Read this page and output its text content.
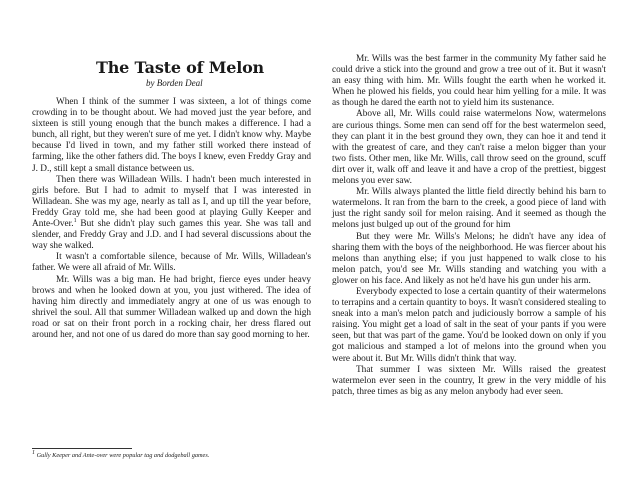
The Taste of Melon

by Borden Deal

When I think of the summer I was sixteen, a lot of things come crowding in to be thought about. We had moved just the year before, and sixteen is still young enough that the bunch makes a difference. I had a bunch, all right, but they weren't sure of me yet. I didn't know why. Maybe because I'd lived in town, and my father still worked there instead of farming, like the other fathers did. The boys I knew, even Freddy Gray and J. D., still kept a small distance between us.

Then there was Willadean Wills. I hadn't been much interested in girls before. But I had to admit to myself that I was interested in Willadean. She was my age, nearly as tall as I, and up till the year before, Freddy Gray told me, she had been good at playing Gully Keeper and Ante-Over.$^1$ But she didn't play such games this year. She was tall and slender, and Freddy Gray and J.D. and I had several discussions about the way she walked.

It wasn't a comfortable silence, because of Mr. Wills, Willadean's father. We were all afraid of Mr. Wills.

Mr. Wills was a big man. He had bright, fierce eyes under heavy brows and when he looked down at you, you just withered. The idea of having him directly and immediately angry at one of us was enough to shrivel the soul. All that summer Willadean walked up and down the high road or sat on their front porch in a rocking chair, her dress flared out around her, and not one of us dared do more than say good morning to her.

$^1$ Gully Keeper and Ante-over were popular tag and dodgeball games.

Mr. Wills was the best farmer in the community My father said he could drive a stick into the ground and grow a tree out of it. But it wasn't an easy thing with him. Mr. Wills fought the earth when he worked it. When he plowed his fields, you could hear him yelling for a mile. It was as though he dared the earth not to yield him its sustenance.

Above all, Mr. Wills could raise watermelons Now, watermelons are curious things. Some men can send off for the best watermelon seed, they can plant it in the best ground they own, they can hoe it and tend it with the greatest of care, and they can't raise a melon bigger than your two fists. Other men, like Mr. Wills, call throw seed on the ground, scuff dirt over it, walk off and leave it and have a crop of the prettiest, biggest melons you ever saw.

Mr. Wills always planted the little field directly behind his barn to watermelons. It ran from the barn to the creek, a good piece of land with just the right sandy soil for melon raising. And it seemed as though the melons just bulged up out of the ground for him

But they were Mr. Wills's Melons; he didn't have any idea of sharing them with the boys of the neighborhood. He was fiercer about his melons than anything else; if you just happened to walk close to his melon patch, you'd see Mr. Wills standing and watching you with a glower on his face. And likely as not he'd have his gun under his arm.

Everybody expected to lose a certain quantity of their watermelons to terrapins and a certain quantity to boys. It wasn't considered stealing to sneak into a man's melon patch and judiciously borrow a sample of his raising. You might get a load of salt in the seat of your pants if you were seen, but that was part of the game. You'd be looked down on only if you got malicious and stamped a lot of melons into the ground when you were about it. But Mr. Wills didn't think that way.

That summer I was sixteen Mr. Wills raised the greatest watermelon ever seen in the country, It grew in the very middle of his patch, three times as big as any melon anybody had ever seen.
